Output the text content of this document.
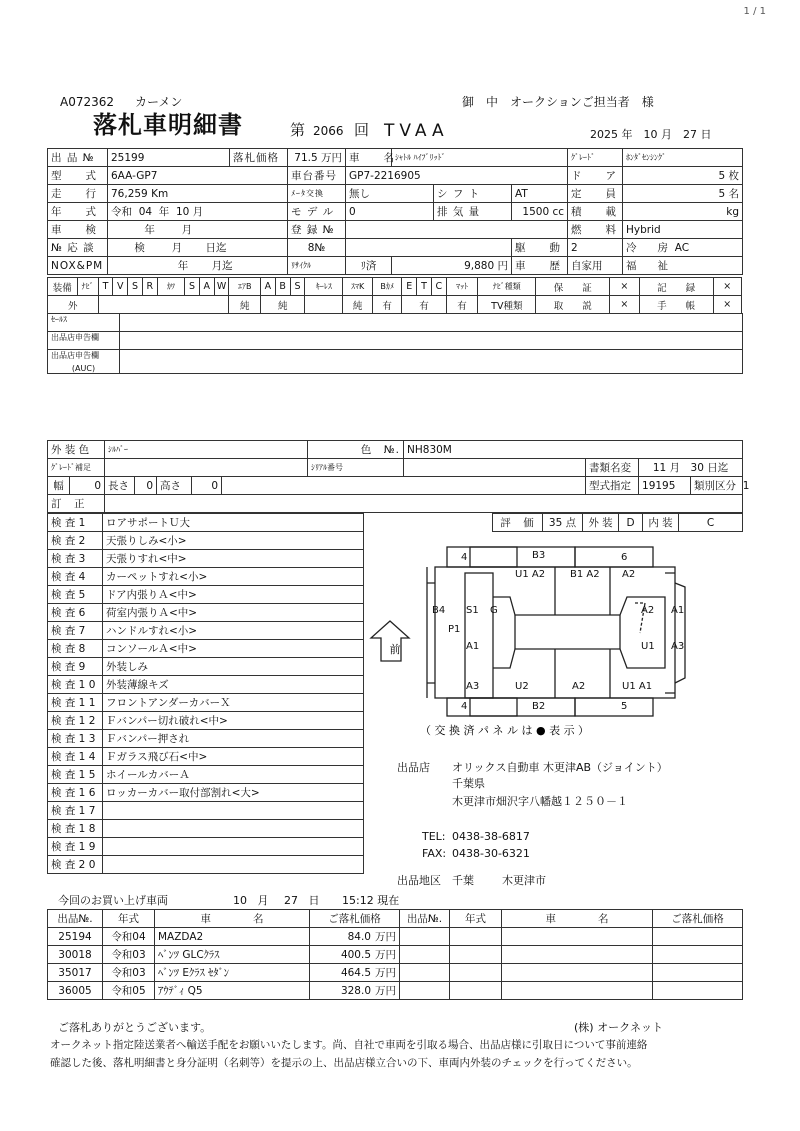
1 / 1
A072362 カーメン	御　中　オークションご担当者　様
落札車明細書	第 2066 回 TVAA	2025 年　10 月　27 日
出 品 №	25199	落札価格	71.5 万円	車　　名	ｼｬﾄﾙ ﾊｲﾌﾞﾘｯﾄﾞ			ｸﾞﾚｰﾄﾞ	ﾎﾝﾀﾞｾﾝｼﾝｸﾞ
型　　式	6AA-GP7		車台番号	GP7-2216905				ド　　ア	5 枚
走　　行	76,259 Km		ﾒｰﾀ交換	無し		シ フ ト	AT	定　　員	5 名
年　　式	令和 04 年 10 月		モ デ ル	0		排 気 量	1500 cc	積　　載	kg
車　　検	年 月		登 録 №					燃　　料	Hybrid
№ 応 談	検 月 日迄		8№				駆　　動	2	冷　　房 AC
NOX&PM	年 月迄		ﾘｻｲｸﾙ	ﾘ済	9,880 円		車　　歴	自家用	福　　祉
装備	ﾅﾋﾞ	T	V	S	R	ｶﾜ	S	A	W	ｴｱB	A	B	S	ｷｰﾚｽ	ｽﾏK	Bｶﾒ	E	T	C	ﾏｯﾄ	ﾅﾋﾞ種類	保　　証	×	記　　録	×
外										純	純				純	有	有			有	TV種類	取　　説	×	手　　帳	×
ｾｰﾙｽ	
出品店申告欄	

出品店申告欄
(AUC)	

外 装 色		ｼﾙﾊﾞｰ					色　№.	NH830M			
ｸﾞﾚｰﾄﾞ補足							ｼﾘｱﾙ番号		書類名変	11 月　30 日迄	
幅	0	長さ	0	高さ	0				型式指定	19195	類別区分 1
訂　正											
検 査 1	ロアサポートＵ大
検 査 2	天張りしみ<小>
検 査 3	天張りすれ<中>
検 査 4	カーペットすれ<小>
検 査 5	ドア内張りＡ<中>
検 査 6	荷室内張りＡ<中>
検 査 7	ハンドルすれ<小>
検 査 8	コンソールＡ<中>
検 査 9	外装しみ
検 査 1 0	外装薄線キズ
検 査 1 1	フロントアンダーカバーＸ
検 査 1 2	Ｆバンパー切れ破れ<中>
検 査 1 3	Ｆバンパー押され
検 査 1 4	Ｆガラス飛び石<中>
検 査 1 5	ホイールカバーＡ
検 査 1 6	ロッカーカバー取付部割れ<大>
検 査 1 7	
検 査 1 8	
検 査 1 9	
検 査 2 0	
評　価	35 点	外 装	D	内 装	C
前
4	B3	6
U1 A2 B1 A2 A2
B4 S1 G	A2 A1
P1
U1 A3
A1
A3	U2	A2	U1 A1
4	B2	5
（ 交 換 済 パ ネ ル は ● 表 示 ）
出品店 オリックス自動車 木更津AB（ジョイント）
千葉県
木更津市畑沢字八幡越１２５０－１
TEL: 0438-38-6817
FAX: 0438-30-6321
出品地区 千葉	木更津市
今回のお買い上げ車両	10 月 27 日 15:12 現在
出品№.	年式	車　　　　名	ご落札価格	出品№.	年式	車　　　　名	ご落札価格
25194	令和04	MAZDA2	84.0 万円				
30018	令和03	ﾍﾞﾝﾂ GLCｸﾗｽ	400.5 万円				
35017	令和03	ﾍﾞﾝﾂ Eｸﾗｽ ｾﾀﾞﾝ	464.5 万円				
36005	令和05	ｱｳﾃﾞｨ Q5	328.0 万円				
ご落札ありがとうございます。	(株) オークネット
オークネット指定陸送業者へ輸送手配をお願いいたします。尚、自社で車両を引取る場合、出品店様に引取日について事前連絡
確認した後、落札明細書と身分証明（名刺等）を提示の上、出品店様立合いの下、車両内外装のチェックを行ってください。
